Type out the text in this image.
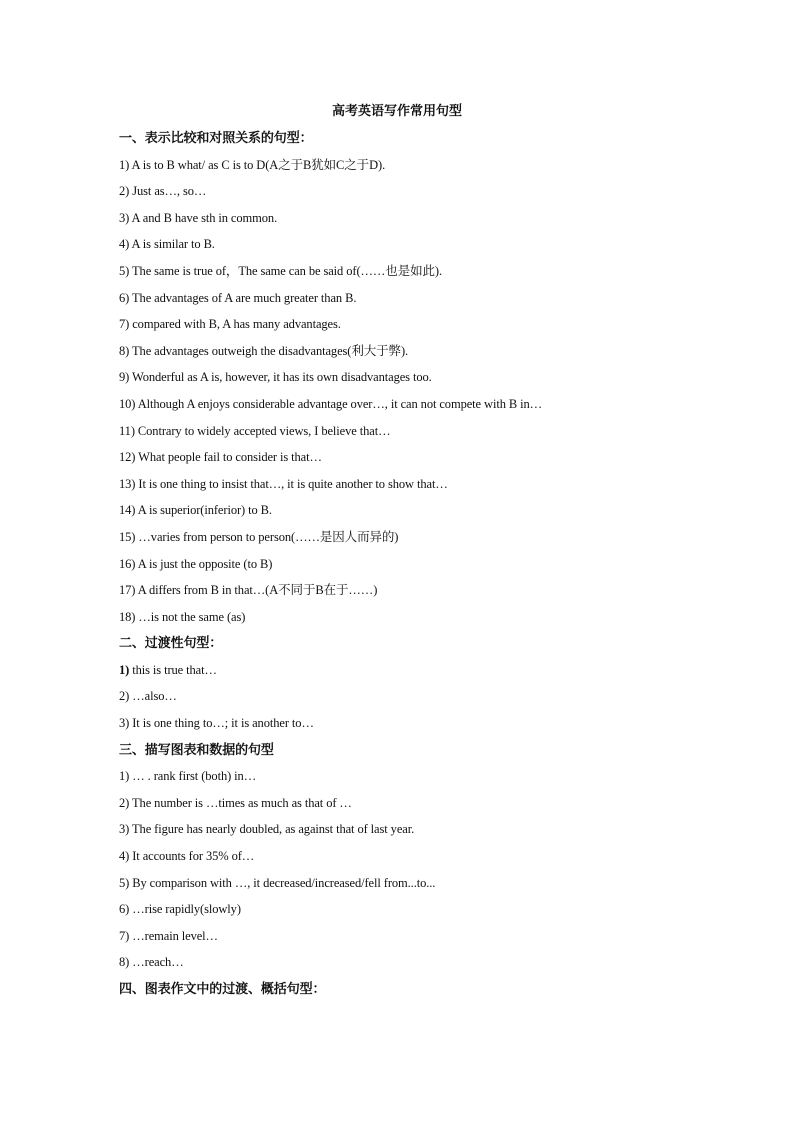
高考英语写作常用句型
一、表示比较和对照关系的句型：
1) A is to B what/ as C is to D(A之于B犹如C之于D).
2) Just as…, so…
3) A and B have sth in common.
4) A is similar to B.
5) The same is true of，The same can be said of(……也是如此).
6) The advantages of A are much greater than B.
7) compared with B, A has many advantages.
8) The advantages outweigh the disadvantages(利大于弊).
9) Wonderful as A is, however, it has its own disadvantages too.
10) Although A enjoys considerable advantage over…, it can not compete with B in…
11) Contrary to widely accepted views, I believe that…
12) What people fail to consider is that…
13) It is one thing to insist that…, it is quite another to show that…
14) A is superior(inferior) to B.
15) …varies from person to person(……是因人而异的)
16) A is just the opposite (to B)
17) A differs from B in that…(A不同于B在于……)
18) …is not the same (as)
二、过渡性句型：
1) this is true that…
2) …also…
3) It is one thing to…; it is another to…
三、描写图表和数据的句型
1) … . rank first (both) in…
2) The number is …times as much as that of …
3) The figure has nearly doubled, as against that of last year.
4) It accounts for 35% of…
5) By comparison with …, it decreased/increased/fell from...to...
6) …rise rapidly(slowly)
7) …remain level…
8) …reach…
四、图表作文中的过渡、概括句型：
